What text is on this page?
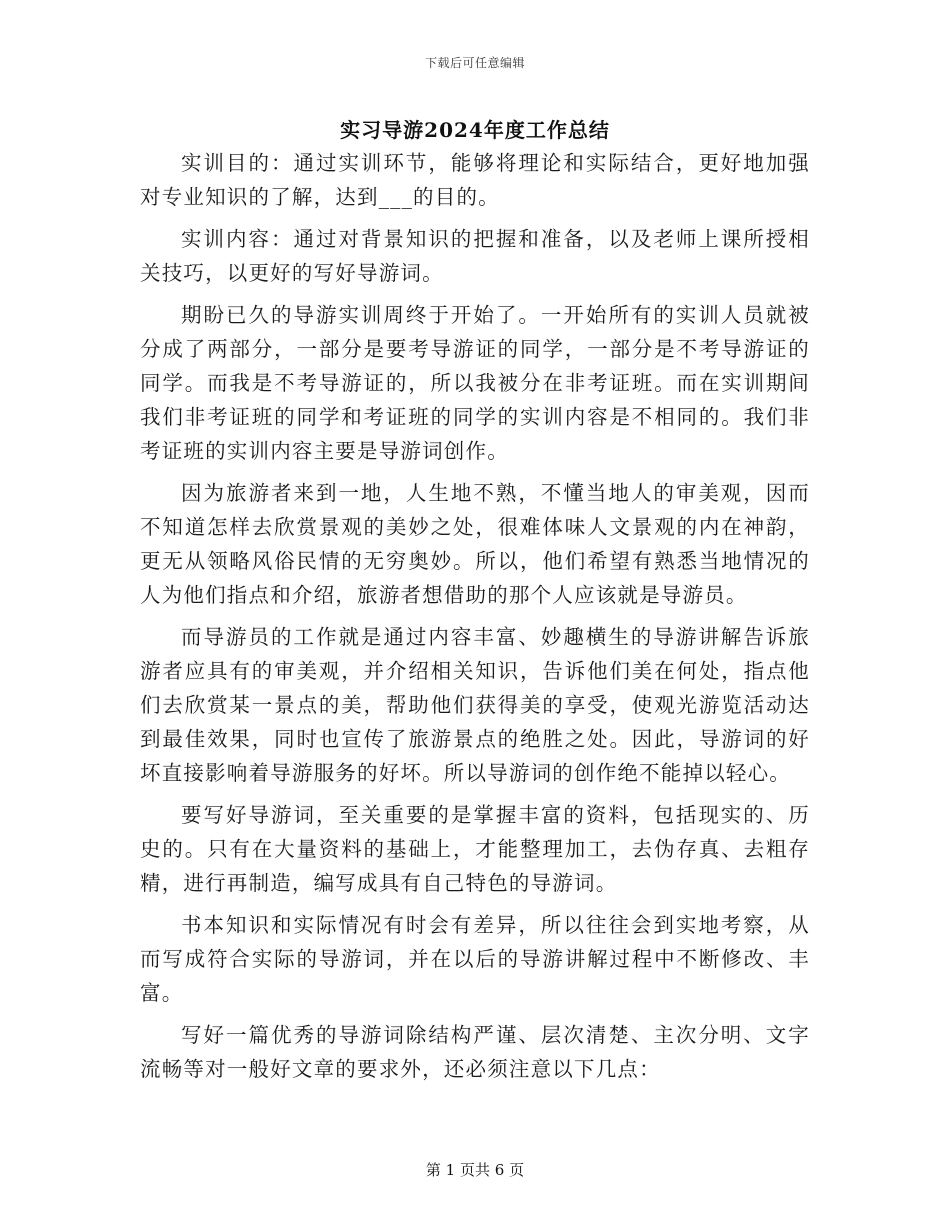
下载后可任意编辑
实习导游2024年度工作总结

实训目的：通过实训环节，能够将理论和实际结合，更好地加强对专业知识的了解，达到___的目的。

实训内容：通过对背景知识的把握和准备，以及老师上课所授相关技巧，以更好的写好导游词。

期盼已久的导游实训周终于开始了。一开始所有的实训人员就被分成了两部分，一部分是要考导游证的同学，一部分是不考导游证的同学。而我是不考导游证的，所以我被分在非考证班。而在实训期间我们非考证班的同学和考证班的同学的实训内容是不相同的。我们非考证班的实训内容主要是导游词创作。

因为旅游者来到一地，人生地不熟，不懂当地人的审美观，因而不知道怎样去欣赏景观的美妙之处，很难体味人文景观的内在神韵，更无从领略风俗民情的无穷奥妙。所以，他们希望有熟悉当地情况的人为他们指点和介绍，旅游者想借助的那个人应该就是导游员。

而导游员的工作就是通过内容丰富、妙趣横生的导游讲解告诉旅游者应具有的审美观，并介绍相关知识，告诉他们美在何处，指点他们去欣赏某一景点的美，帮助他们获得美的享受，使观光游览活动达到最佳效果，同时也宣传了旅游景点的绝胜之处。因此，导游词的好坏直接影响着导游服务的好坏。所以导游词的创作绝不能掉以轻心。

要写好导游词，至关重要的是掌握丰富的资料，包括现实的、历史的。只有在大量资料的基础上，才能整理加工，去伪存真、去粗存精，进行再制造，编写成具有自己特色的导游词。

书本知识和实际情况有时会有差异，所以往往会到实地考察，从而写成符合实际的导游词，并在以后的导游讲解过程中不断修改、丰富。

写好一篇优秀的导游词除结构严谨、层次清楚、主次分明、文字流畅等对一般好文章的要求外，还必须注意以下几点：

第 1 页共 6 页
